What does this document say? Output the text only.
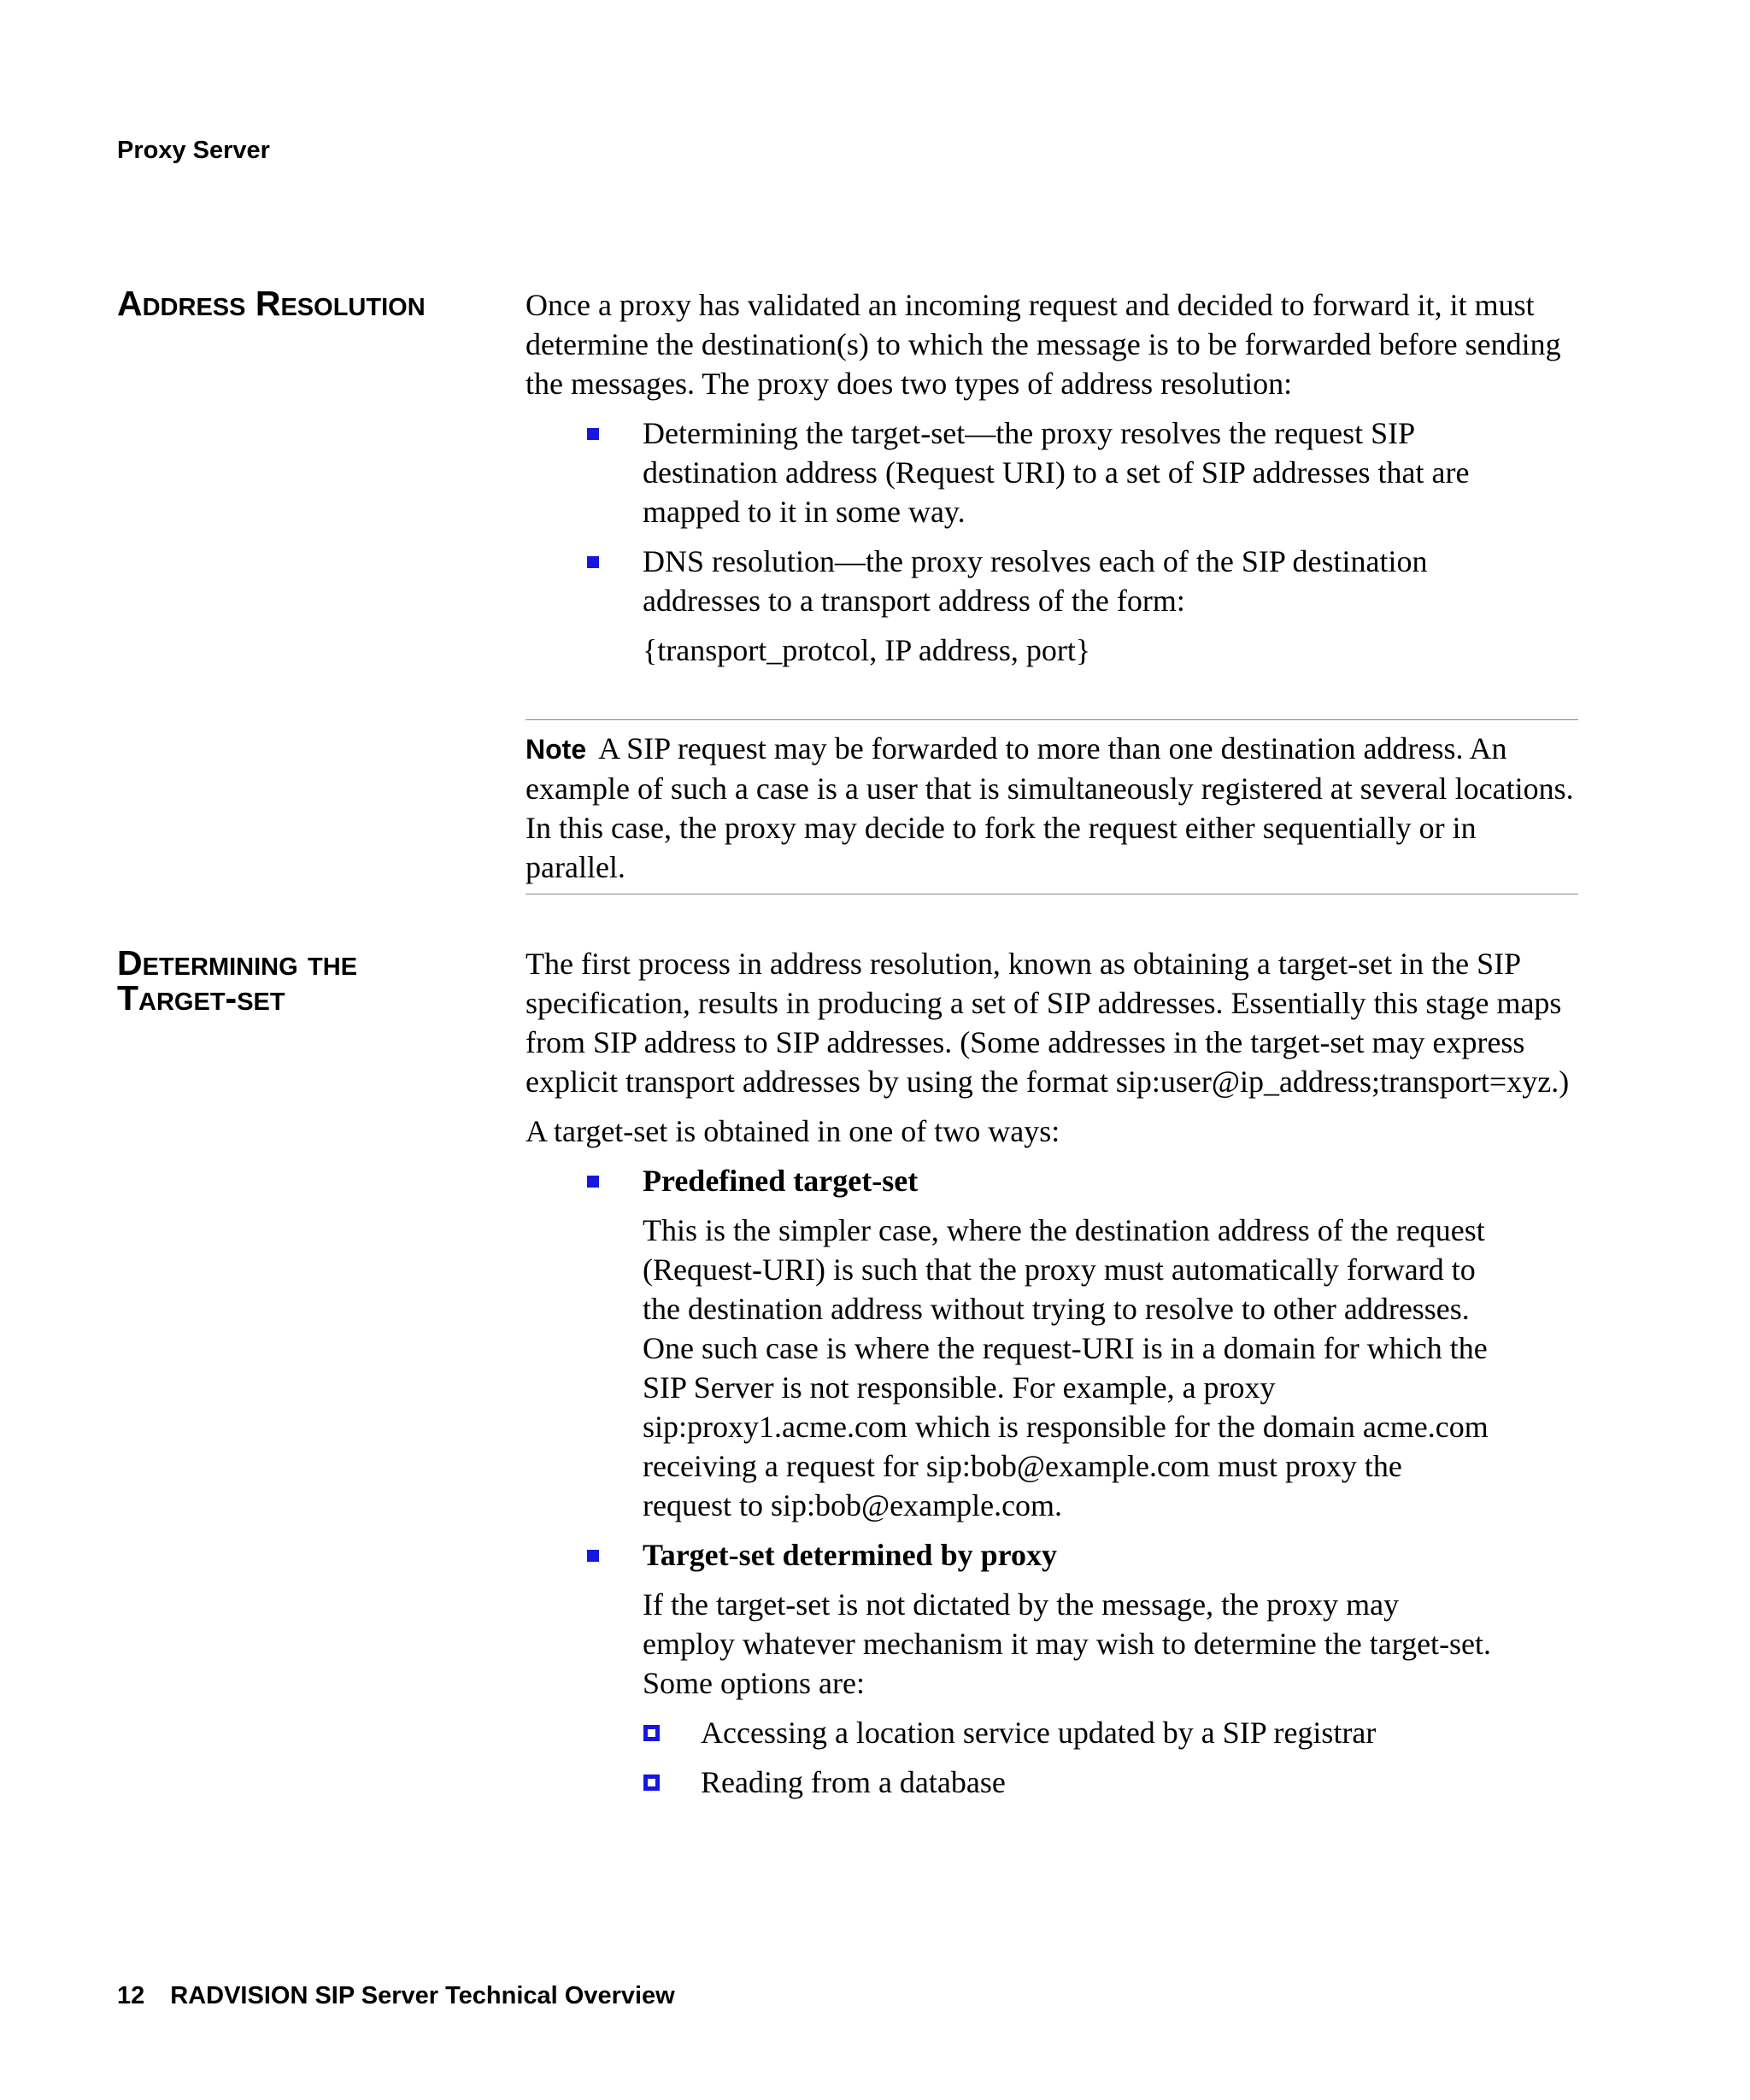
Proxy Server
Address Resolution	Once a proxy has validated an incoming request and decided to forward it, it must determine the destination(s) to which the message is to be forwarded before sending the messages. The proxy does two types of address resolution:

Determining the target-set—the proxy resolves the request SIP destination address (Request URI) to a set of SIP addresses that are mapped to it in some way.
DNS resolution—the proxy resolves each of the SIP destination addresses to a transport address of the form:
{transport_protcol, IP address, port}
Note A SIP request may be forwarded to more than one destination address. An example of such a case is a user that is simultaneously registered at several locations. In this case, the proxy may decide to fork the request either sequentially or in parallel.
Determining the
Target-set

The first process in address resolution, known as obtaining a target-set in the SIP specification, results in producing a set of SIP addresses. Essentially this stage maps from SIP address to SIP addresses. (Some addresses in the target-set may express explicit transport addresses by using the format sip:user@ip_address;transport=xyz.)

A target-set is obtained in one of two ways:

Predefined target-set
This is the simpler case, where the destination address of the request (Request-URI) is such that the proxy must automatically forward to the destination address without trying to resolve to other addresses. One such case is where the request-URI is in a domain for which the SIP Server is not responsible. For example, a proxy sip:proxy1.acme.com which is responsible for the domain acme.com receiving a request for sip:bob@example.com must proxy the request to sip:bob@example.com.
Target-set determined by proxy
If the target-set is not dictated by the message, the proxy may employ whatever mechanism it may wish to determine the target-set. Some options are:
Accessing a location service updated by a SIP registrar
Reading from a database
12 RADVISION SIP Server Technical Overview
